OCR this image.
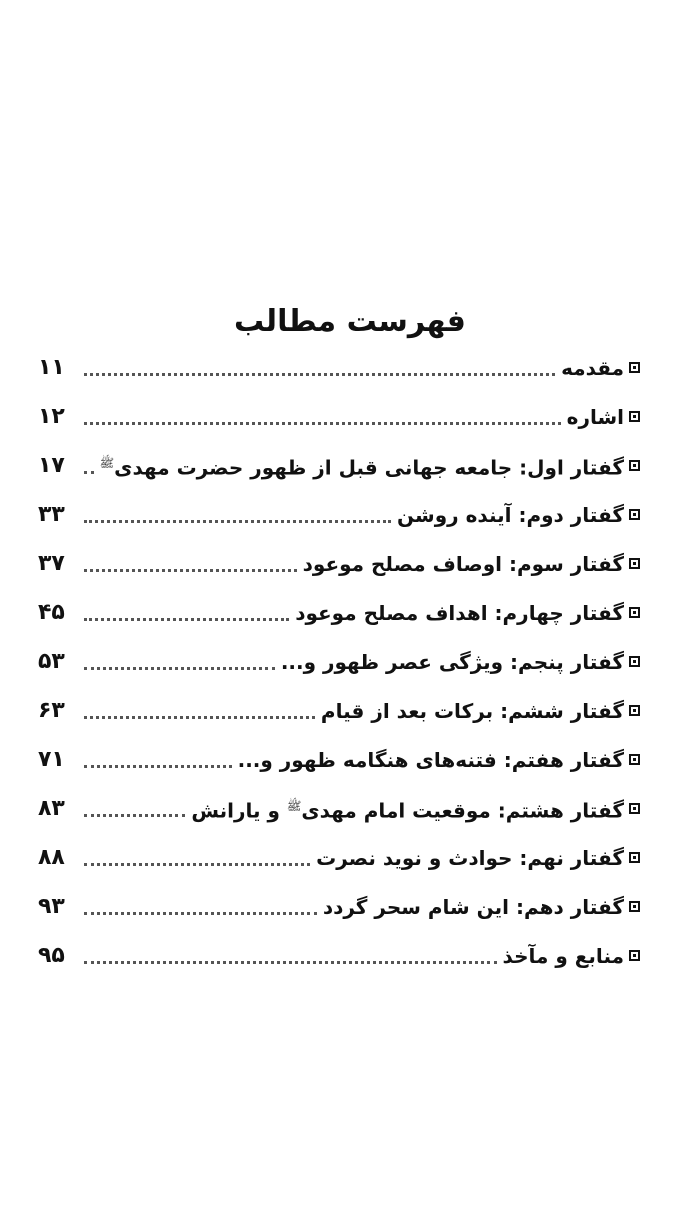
فهرست مطالب
مقدمه
۱۱
اشاره
۱۲
گفتار اول: جامعه جهانی قبل از ظهور حضرت مهدی$^ﷺ$
۱۷
گفتار دوم: آینده روشن
۳۳
گفتار سوم: اوصاف مصلح موعود
۳۷
گفتار چهارم: اهداف مصلح موعود
۴۵
گفتار پنجم: ویژگی عصر ظهور و...
۵۳
گفتار ششم: برکات بعد از قیام
۶۳
گفتار هفتم: فتنه‌های هنگامه ظهور و...
۷۱
گفتار هشتم: موقعیت امام مهدی$^ﷺ$ و یارانش
۸۳
گفتار نهم: حوادث و نوید نصرت
۸۸
گفتار دهم: این شام سحر گردد
۹۳
منابع و مآخذ
۹۵
